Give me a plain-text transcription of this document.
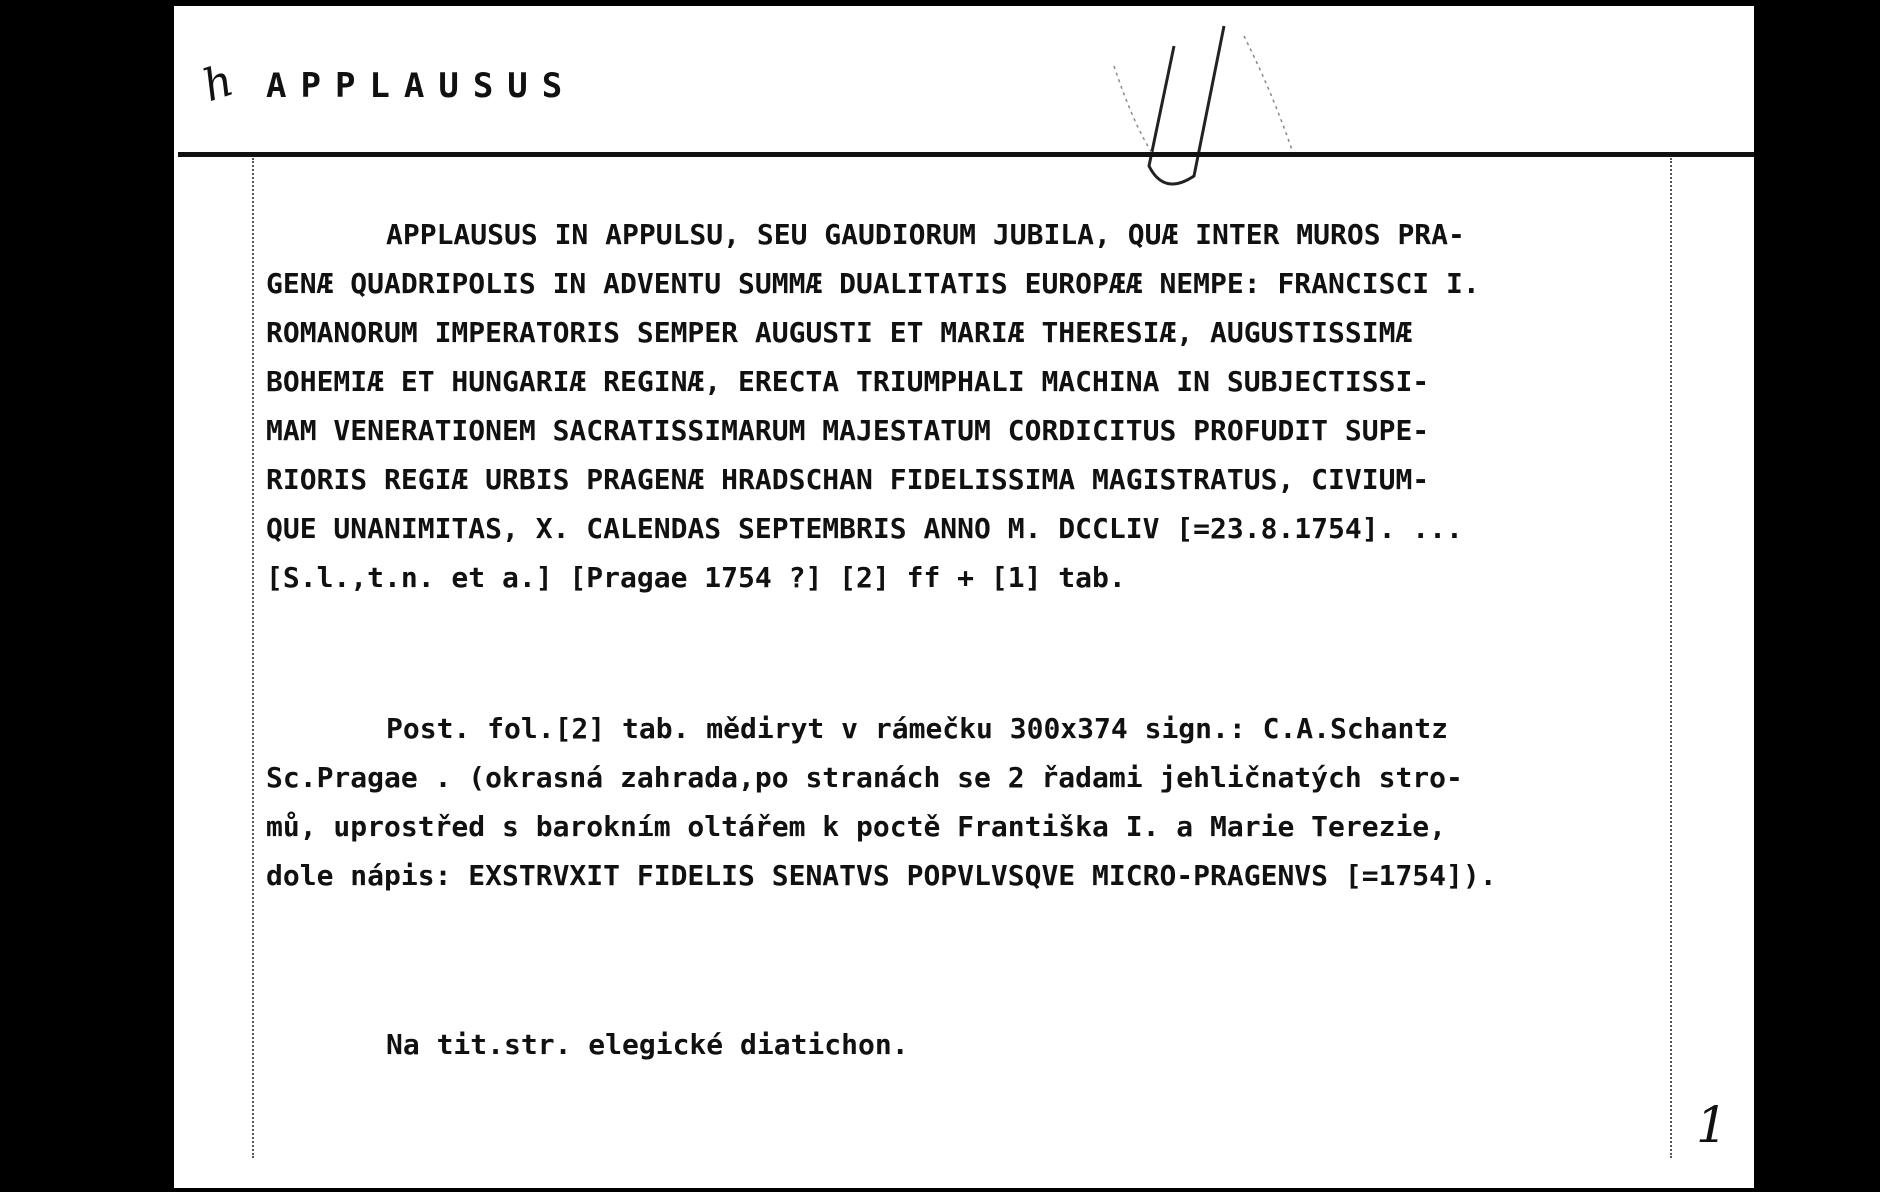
h APPLAUSUS
APPLAUSUS IN APPULSU, SEU GAUDIORUM JUBILA, QUÆ INTER MUROS PRA-
GENÆ QUADRIPOLIS IN ADVENTU SUMMÆ DUALITATIS EUROPÆÆ NEMPE: FRANCISCI I.
ROMANORUM IMPERATORIS SEMPER AUGUSTI ET MARIÆ THERESIÆ, AUGUSTISSIMÆ
BOHEMIÆ ET HUNGARIÆ REGINÆ, ERECTA TRIUMPHALI MACHINA IN SUBJECTISSI-
MAM VENERATIONEM SACRATISSIMARUM MAJESTATUM CORDICITUS PROFUDIT SUPE-
RIORIS REGIÆ URBIS PRAGENÆ HRADSCHAN FIDELISSIMA MAGISTRATUS, CIVIUM-
QUE UNANIMITAS, X. CALENDAS SEPTEMBRIS ANNO M. DCCLIV [=23.8.1754]. ...
[S.l.,t.n. et a.] [Pragae 1754 ?] [2] ff + [1] tab.
Post. fol.[2] tab. mědiryt v rámečku 300x374 sign.: C.A.Schantz
Sc.Pragae . (okrasná zahrada,po stranách se 2 řadami jehličnatých stro-
mů, uprostřed s barokním oltářem k poctě Františka I. a Marie Terezie,
dole nápis: EXSTRVXIT FIDELIS SENATVS POPVLVSQVE MICRO-PRAGENVS [=1754]).
Na tit.str. elegické diatichon.
1
